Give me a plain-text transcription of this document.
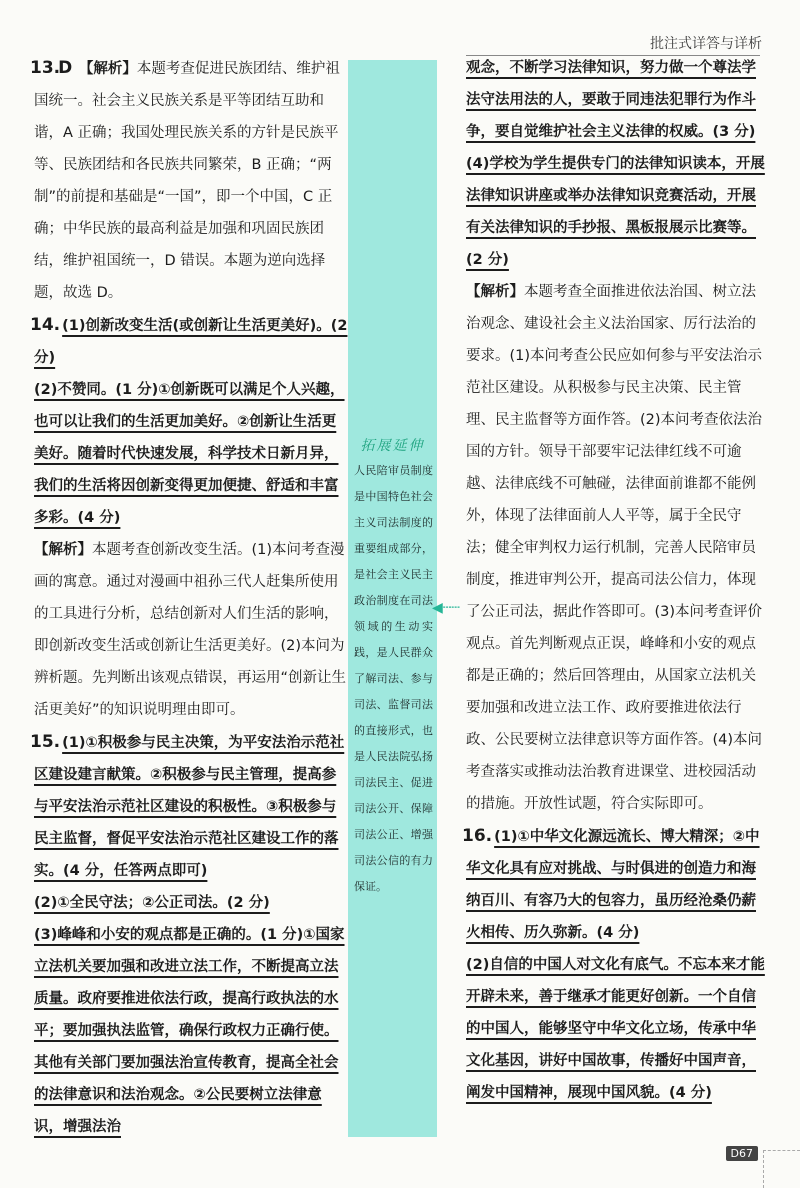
批注式详答与详析

13.D 【解析】本题考查促进民族团结、维护祖国统一。社会主义民族关系是平等团结互助和谐，A 正确；我国处理民族关系的方针是民族平等、民族团结和各民族共同繁荣，B 正确；“两制”的前提和基础是“一国”，即一个中国，C 正确；中华民族的最高利益是加强和巩固民族团结，维护祖国统一，D 错误。本题为逆向选择题，故选 D。

14. (1)创新改变生活(或创新让生活更美好)。(2 分)

(2)不赞同。(1 分)①创新既可以满足个人兴趣，也可以让我们的生活更加美好。②创新让生活更美好。随着时代快速发展，科学技术日新月异，我们的生活将因创新变得更加便捷、舒适和丰富多彩。(4 分)

【解析】本题考查创新改变生活。(1)本问考查漫画的寓意。通过对漫画中祖孙三代人赶集所使用的工具进行分析，总结创新对人们生活的影响，即创新改变生活或创新让生活更美好。(2)本问为辨析题。先判断出该观点错误，再运用“创新让生活更美好”的知识说明理由即可。

15. (1)①积极参与民主决策，为平安法治示范社区建设建言献策。②积极参与民主管理，提高参与平安法治示范社区建设的积极性。③积极参与民主监督，督促平安法治示范社区建设工作的落实。(4 分，任答两点即可)

(2)①全民守法；②公正司法。(2 分)

(3)峰峰和小安的观点都是正确的。(1 分)①国家立法机关要加强和改进立法工作，不断提高立法质量。政府要推进依法行政，提高行政执法的水平；要加强执法监管，确保行政权力正确行使。其他有关部门要加强法治宣传教育，提高全社会的法律意识和法治观念。②公民要树立法律意识，增强法治

拓展延伸
人民陪审员制度是中国特色社会主义司法制度的重要组成部分，是社会主义民主政治制度在司法领域的生动实践，是人民群众了解司法、参与司法、监督司法的直接形式，也是人民法院弘扬司法民主、促进司法公开、保障司法公正、增强司法公信的有力保证。
◀┄┄

观念，不断学习法律知识，努力做一个尊法学法守法用法的人，要敢于同违法犯罪行为作斗争，要自觉维护社会主义法律的权威。(3 分)

(4)学校为学生提供专门的法律知识读本，开展法律知识讲座或举办法律知识竞赛活动，开展有关法律知识的手抄报、黑板报展示比赛等。(2 分)

【解析】本题考查全面推进依法治国、树立法治观念、建设社会主义法治国家、厉行法治的要求。(1)本问考查公民应如何参与平安法治示范社区建设。从积极参与民主决策、民主管理、民主监督等方面作答。(2)本问考查依法治国的方针。领导干部要牢记法律红线不可逾越、法律底线不可触碰，法律面前谁都不能例外，体现了法律面前人人平等，属于全民守法；健全审判权力运行机制，完善人民陪审员制度，推进审判公开，提高司法公信力，体现了公正司法，据此作答即可。(3)本问考查评价观点。首先判断观点正误，峰峰和小安的观点都是正确的；然后回答理由，从国家立法机关要加强和改进立法工作、政府要推进依法行政、公民要树立法律意识等方面作答。(4)本问考查落实或推动法治教育进课堂、进校园活动的措施。开放性试题，符合实际即可。

16. (1)①中华文化源远流长、博大精深；②中华文化具有应对挑战、与时俱进的创造力和海纳百川、有容乃大的包容力，虽历经沧桑仍薪火相传、历久弥新。(4 分)

(2)自信的中国人对文化有底气。不忘本来才能开辟未来，善于继承才能更好创新。一个自信的中国人，能够坚守中华文化立场，传承中华文化基因，讲好中国故事，传播好中国声音，阐发中国精神，展现中国风貌。(4 分)

D67
